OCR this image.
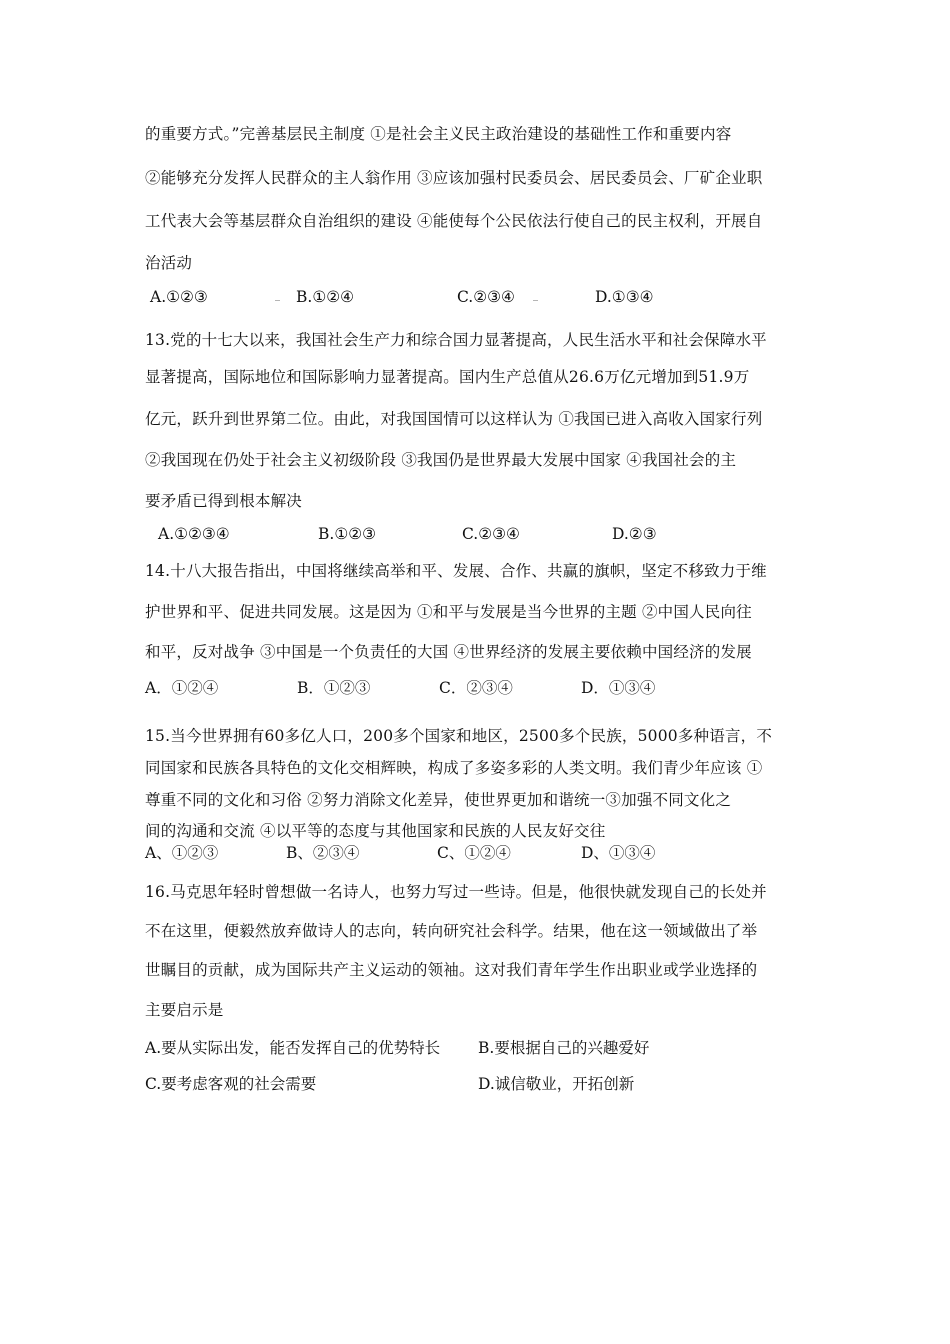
的重要方式。”完善基层民主制度 ①是社会主义民主政治建设的基础性工作和重要内容
②能够充分发挥人民群众的主人翁作用 ③应该加强村民委员会、居民委员会、厂矿企业职
工代表大会等基层群众自治组织的建设 ④能使每个公民依法行使自己的民主权利，开展自
治活动
A.①②③	B.①②④	C.②③④	D.①③④
13.党的十七大以来，我国社会生产力和综合国力显著提高，人民生活水平和社会保障水平
显著提高，国际地位和国际影响力显著提高。国内生产总值从26.6万亿元增加到51.9万
亿元，跃升到世界第二位。由此，对我国国情可以这样认为 ①我国已进入高收入国家行列
②我国现在仍处于社会主义初级阶段 ③我国仍是世界最大发展中国家 ④我国社会的主
要矛盾已得到根本解决
A.①②③④	B.①②③	C.②③④	D.②③
14.十八大报告指出，中国将继续高举和平、发展、合作、共赢的旗帜，坚定不移致力于维
护世界和平、促进共同发展。这是因为 ①和平与发展是当今世界的主题 ②中国人民向往
和平，反对战争 ③中国是一个负责任的大国 ④世界经济的发展主要依赖中国经济的发展
A．①②④	B．①②③	C．②③④	D．①③④
15.当今世界拥有60多亿人口，200多个国家和地区，2500多个民族，5000多种语言，不
同国家和民族各具特色的文化交相辉映，构成了多姿多彩的人类文明。我们青少年应该 ①
尊重不同的文化和习俗 ②努力消除文化差异，使世界更加和谐统一③加强不同文化之
间的沟通和交流 ④以平等的态度与其他国家和民族的人民友好交往
A、①②③	B、②③④	C、①②④	D、①③④
16.马克思年轻时曾想做一名诗人，也努力写过一些诗。但是，他很快就发现自己的长处并
不在这里，便毅然放弃做诗人的志向，转向研究社会科学。结果，他在这一领域做出了举
世瞩目的贡献，成为国际共产主义运动的领袖。这对我们青年学生作出职业或学业选择的
主要启示是
A.要从实际出发，能否发挥自己的优势特长 B.要根据自己的兴趣爱好
C.要考虑客观的社会需要	D.诚信敬业，开拓创新
